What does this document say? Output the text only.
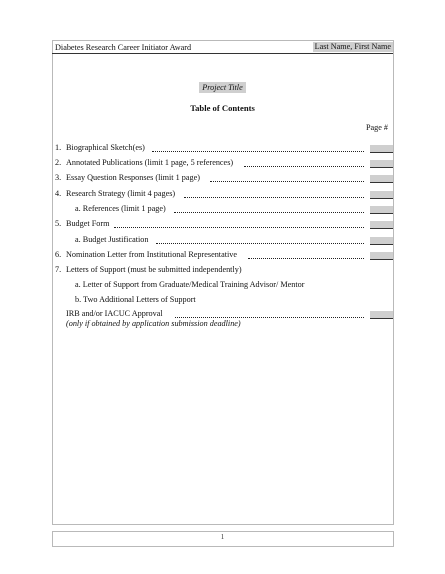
Diabetes Research Career Initiator Award	Last Name, First Name
Project Title
Table of Contents
Page #
1. Biographical Sketch(es)
2. Annotated Publications (limit 1 page, 5 references)
3. Essay Question Responses (limit 1 page)
4. Research Strategy (limit 4 pages)
a. References (limit 1 page)
5. Budget Form
a. Budget Justification
6. Nomination Letter from Institutional Representative
7. Letters of Support (must be submitted independently)
a. Letter of Support from Graduate/Medical Training Advisor/ Mentor
b. Two Additional Letters of Support
IRB and/or IACUC Approval
(only if obtained by application submission deadline)
1
